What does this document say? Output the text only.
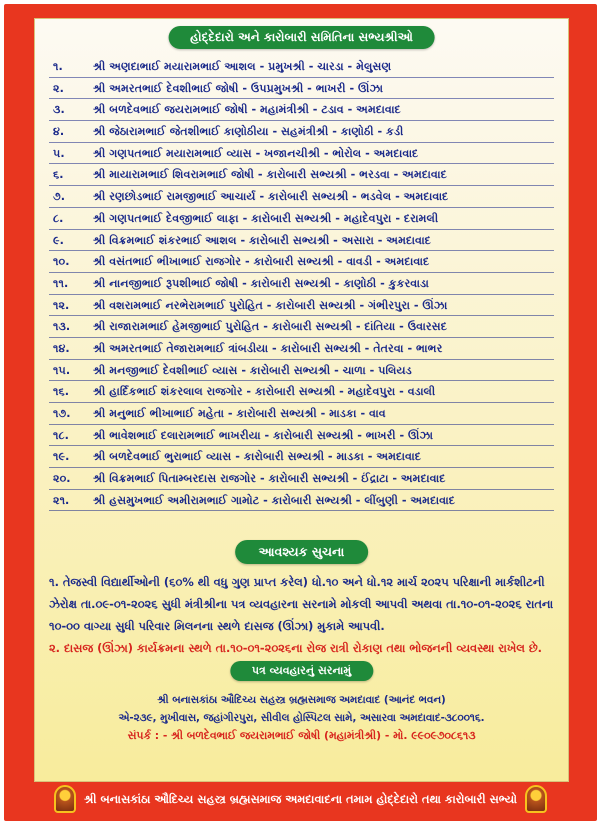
હોદ્દેદારો અને કારોબારી સમિતિના સભ્યશ્રીઓ
૧.	શ્રી અણદાભાઈ મયારામભાઈ આશલ - પ્રમુખશ્રી - ચારડા - મેલુસણ
૨.	શ્રી અમરતભાઈ દેવશીભાઈ જોષી - ઉપપ્રમુખશ્રી - ભાખરી - ઊંઝા
૩.	શ્રી બળદેવભાઈ જયરામભાઈ જોષી - મહામંત્રીશ્રી - ટડાવ - અમદાવાદ
૪.	શ્રી જેઠારામભાઈ જેતશીભાઈ કાણોઠીયા - સહમંત્રીશ્રી - કાણોઠી - કડી
૫.	શ્રી ગણપતભાઈ મયારામભાઈ વ્યાસ - ખજાનચીશ્રી - ભોરોલ - અમદાવાદ
૬.	શ્રી માયારામભાઈ શિવરામભાઈ જોષી - કારોબારી સભ્યશ્રી - ભરડવા - અમદાવાદ
૭.	શ્રી રણછોડભાઈ રામજીભાઈ આચાર્ય - કારોબારી સભ્યશ્રી - ભડવેલ - અમદાવાદ
૮.	શ્રી ગણપતભાઈ દેવજીભાઈ લાફા - કારોબારી સભ્યશ્રી - મહાદેવપુરા - દરામલી
૯.	શ્રી વિક્રમભાઈ શંકરભાઈ આશલ - કારોબારી સભ્યશ્રી - અસારા - અમદાવાદ
૧૦.	શ્રી વસંતભાઈ ભીખાભાઈ રાજગોર - કારોબારી સભ્યશ્રી - વાવડી - અમદાવાદ
૧૧.	શ્રી નાનજીભાઈ રૂપશીભાઈ જોષી - કારોબારી સભ્યશ્રી - કાણોઠી - કુકરવાડા
૧૨.	શ્રી વશરામભાઈ નરભેરામભાઈ પુરોહિત - કારોબારી સભ્યશ્રી - ગંભીરપુરા - ઊંઝા
૧૩.	શ્રી રાજારામભાઈ હેમજીભાઈ પુરોહિત - કારોબારી સભ્યશ્રી - દાંતિયા - ઉવારસદ
૧૪.	શ્રી અમરતભાઈ તેજારામભાઈ ત્રાંબડીયા - કારોબારી સભ્યશ્રી - તેતરવા - ભાભર
૧૫.	શ્રી મનજીભાઈ દેવશીભાઈ વ્યાસ - કારોબારી સભ્યશ્રી - ચાળા - પલિયડ
૧૬.	શ્રી હાર્દિકભાઈ શંકરલાલ રાજગોર - કારોબારી સભ્યશ્રી - મહાદેવપુરા - વડાલી
૧૭.	શ્રી મનુભાઈ ભીખાભાઈ મહેતા - કારોબારી સભ્યશ્રી - માડકા - વાવ
૧૮.	શ્રી ભાવેશભાઈ દલારામભાઈ ભાખરીયા - કારોબારી સભ્યશ્રી - ભાખરી - ઊંઝા
૧૯.	શ્રી બળદેવભાઈ ભુરાભાઈ વ્યાસ - કારોબારી સભ્યશ્રી - માડકા - અમદાવાદ
૨૦.	શ્રી વિક્રમભાઈ પિતામ્બરદાસ રાજગોર - કારોબારી સભ્યશ્રી - ઈંદ્રાટા - અમદાવાદ
૨૧.	શ્રી હસમુખભાઈ અમીરામભાઈ ગામોટ - કારોબારી સભ્યશ્રી - લીંબુણી - અમદાવાદ
આવશ્યક સુચના
૧. તેજસ્વી વિદ્યાર્થીઓની (૬૦% થી વધુ ગુણ પ્રાપ્ત કરેલ) ધો.૧૦ અને ધો.૧૨ માર્ચ ૨૦૨૫ પરિક્ષાની માર્કશીટની ઝેરોક્ષ તા.૦૯-૦૧-૨૦૨૬ સુધી મંત્રીશ્રીના પત્ર વ્યવહારના સરનામે મોકલી આપવી અથવા તા.૧૦-૦૧-૨૦૨૬ રાતના ૧૦-૦૦ વાગ્યા સુધી પરિવાર મિલનના સ્થળે દાસજ (ઊંઝા) મુકામે આપવી.
૨. દાસજ (ઊંઝા) કાર્યક્રમના સ્થળે તા.૧૦-૦૧-૨૦૨૬ના રોજ રાત્રી રોકાણ તથા ભોજનની વ્યવસ્થા રાખેલ છે.
પત્ર વ્યવહારનું સરનામું
શ્રી બનાસકાંઠા ઔદિચ્ય સહસ્ત્ર બ્રહ્મસમાજ અમદાવાદ (આનંદ ભવન)
એ-૨૩૯, મુખીવાસ, જહાંગીરપુરા, સીવીલ હોસ્પિટલ સામે, અસારવા અમદાવાદ-૩૮૦૦૧૬.
સંપર્ક : - શ્રી બળદેવભાઈ જયરામભાઈ જોષી (મહામંત્રીશ્રી) - મો. ૯૯૦૯૭૦૮૬૧૩
શ્રી બનાસકાંઠા ઔદિચ્ય સહસ્ત્ર બ્રહ્મસમાજ અમદાવાદના તમામ હોદ્દેદારો તથા કારોબારી સભ્યો
